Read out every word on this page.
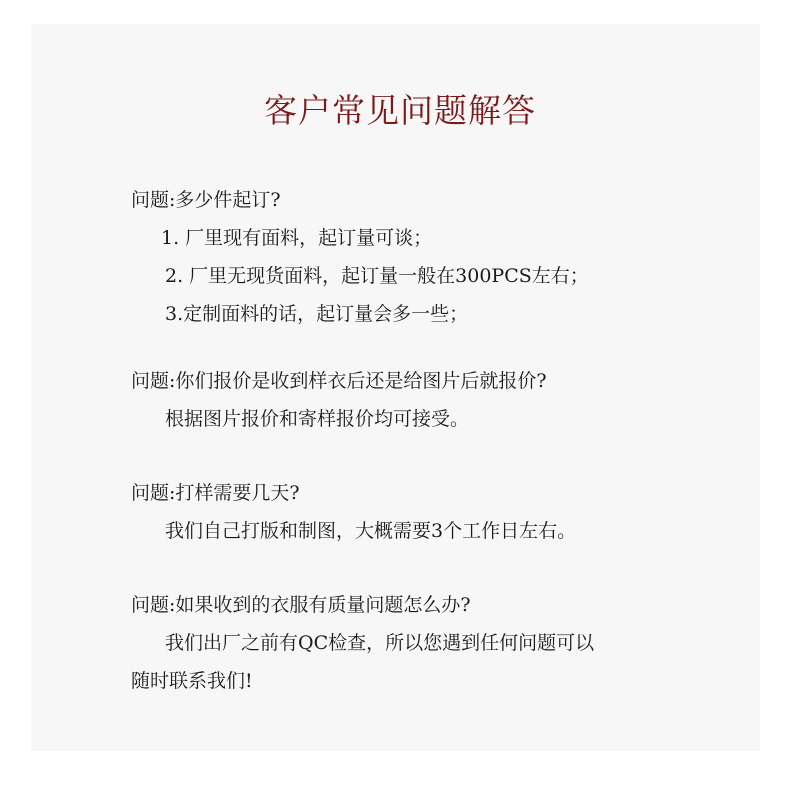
客户常见问题解答
问题:多少件起订?
1. 厂里现有面料，起订量可谈；
2. 厂里无现货面料，起订量一般在300PCS左右；
3.定制面料的话，起订量会多一些；
问题:你们报价是收到样衣后还是给图片后就报价?
根据图片报价和寄样报价均可接受。
问题:打样需要几天?
我们自己打版和制图，大概需要3个工作日左右。
问题:如果收到的衣服有质量问题怎么办?
我们出厂之前有QC检查，所以您遇到任何问题可以
随时联系我们!
